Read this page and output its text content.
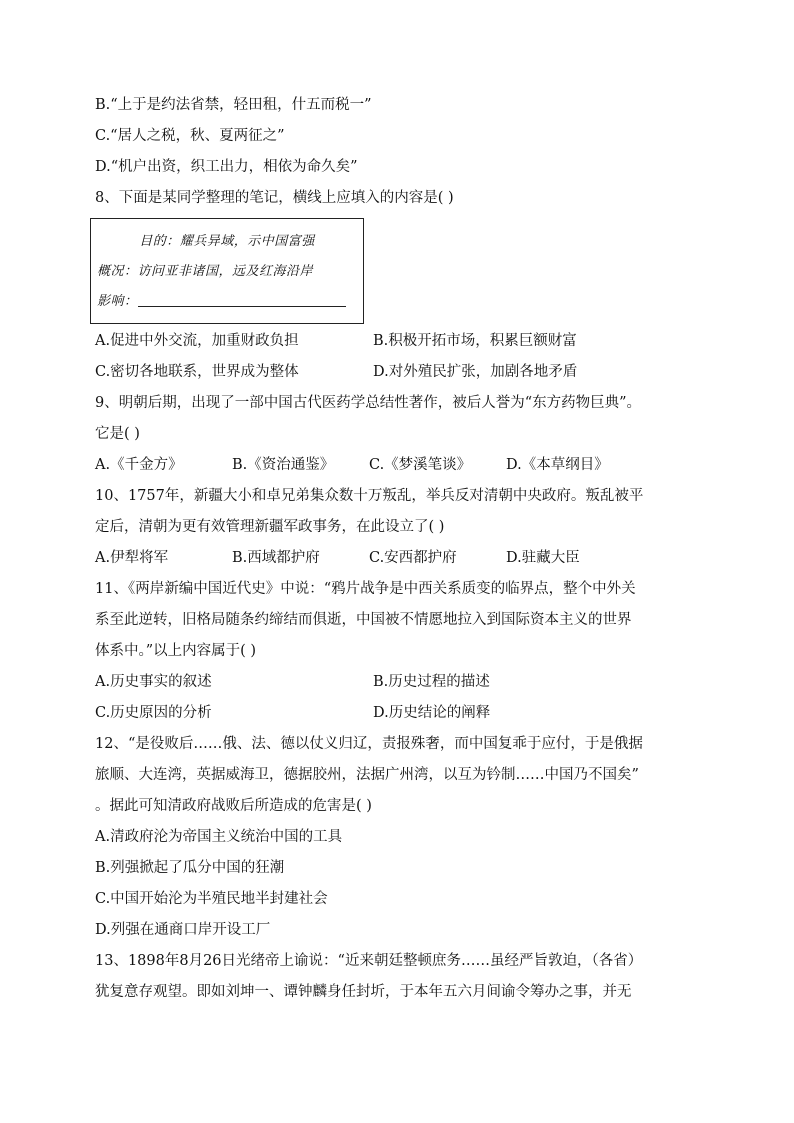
B.“上于是约法省禁，轻田租，什五而税一”
C.“居人之税，秋、夏两征之”
D.“机户出资，织工出力，相依为命久矣”
8、下面是某同学整理的笔记，横线上应填入的内容是( )
目的：耀兵异域，示中国富强
概况：访问亚非诸国，远及红海沿岸
影响：
A.促进中外交流，加重财政负担	B.积极开拓市场，积累巨额财富
C.密切各地联系，世界成为整体	D.对外殖民扩张，加剧各地矛盾
9、明朝后期，出现了一部中国古代医药学总结性著作，被后人誉为“东方药物巨典”。
它是( )
A.《千金方》	B.《资治通鉴》	C.《梦溪笔谈》	D.《本草纲目》
10、1757年，新疆大小和卓兄弟集众数十万叛乱，举兵反对清朝中央政府。叛乱被平
定后，清朝为更有效管理新疆军政事务，在此设立了( )
A.伊犁将军	B.西域都护府	C.安西都护府	D.驻藏大臣
11、《两岸新编中国近代史》中说：“鸦片战争是中西关系质变的临界点，整个中外关
系至此逆转，旧格局随条约缔结而俱逝，中国被不情愿地拉入到国际资本主义的世界
体系中。”以上内容属于( )
A.历史事实的叙述	B.历史过程的描述
C.历史原因的分析	D.历史结论的阐释
12、“是役败后……俄、法、德以仗义归辽，责报殊奢，而中国复乖于应付，于是俄据
旅顺、大连湾，英据威海卫，德据胶州，法据广州湾，以互为钤制……中国乃不国矣”
。据此可知清政府战败后所造成的危害是( )
A.清政府沦为帝国主义统治中国的工具
B.列强掀起了瓜分中国的狂潮
C.中国开始沦为半殖民地半封建社会
D.列强在通商口岸开设工厂
13、1898年8月26日光绪帝上谕说：“近来朝廷整顿庶务……虽经严旨敦迫，（各省）
犹复意存观望。即如刘坤一、谭钟麟身任封圻，于本年五六月间谕令筹办之事，并无
